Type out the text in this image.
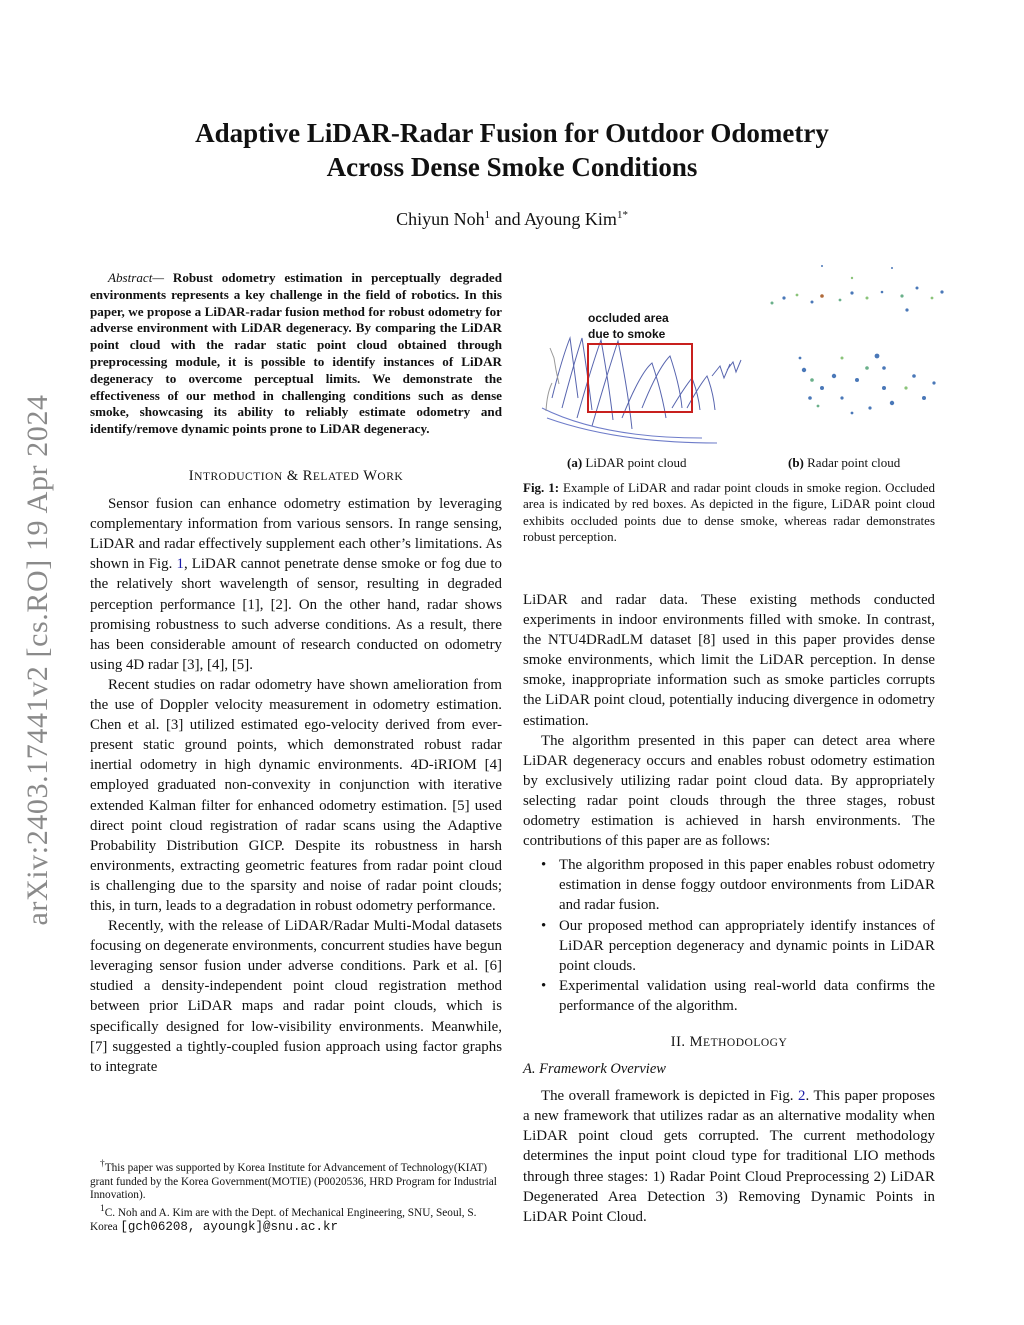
arXiv:2403.17441v2 [cs.RO] 19 Apr 2024
Adaptive LiDAR-Radar Fusion for Outdoor Odometry
Across Dense Smoke Conditions
Chiyun Noh$^1$ and Ayoung Kim$^{1*}$
Abstract— Robust odometry estimation in perceptually degraded environments represents a key challenge in the field of robotics. In this paper, we propose a LiDAR-radar fusion method for robust odometry for adverse environment with LiDAR degeneracy. By comparing the LiDAR point cloud with the radar static point cloud obtained through preprocessing module, it is possible to identify instances of LiDAR degeneracy to overcome perceptual limits. We demonstrate the effectiveness of our method in challenging conditions such as dense smoke, showcasing its ability to reliably estimate odometry and identify/remove dynamic points prone to LiDAR degeneracy.
INTRODUCTION & RELATED WORK

Sensor fusion can enhance odometry estimation by leveraging complementary information from various sensors. In range sensing, LiDAR and radar effectively supplement each other’s limitations. As shown in Fig. 1, LiDAR cannot penetrate dense smoke or fog due to the relatively short wavelength of sensor, resulting in degraded perception performance [1], [2]. On the other hand, radar shows promising robustness to such adverse conditions. As a result, there has been considerable amount of research conducted on odometry using 4D radar [3], [4], [5].

Recent studies on radar odometry have shown amelioration from the use of Doppler velocity measurement in odometry estimation. Chen et al. [3] utilized estimated ego-velocity derived from ever-present static ground points, which demonstrated robust radar inertial odometry in high dynamic environments. 4D-iRIOM [4] employed graduated non-convexity in conjunction with iterative extended Kalman filter for enhanced odometry estimation. [5] used direct point cloud registration of radar scans using the Adaptive Probability Distribution GICP. Despite its robustness in harsh environments, extracting geometric features from radar point cloud is challenging due to the sparsity and noise of radar point clouds; this, in turn, leads to a degradation in robust odometry performance.

Recently, with the release of LiDAR/Radar Multi-Modal datasets focusing on degenerate environments, concurrent studies have begun leveraging sensor fusion under adverse conditions. Park et al. [6] studied a density-independent point cloud registration method between prior LiDAR maps and radar point clouds, which is specifically designed for low-visibility environments. Meanwhile, [7] suggested a tightly-coupled fusion approach using factor graphs to integrate

†This paper was supported by Korea Institute for Advancement of Technology(KIAT) grant funded by the Korea Government(MOTIE) (P0020536, HRD Program for Industrial Innovation).
$^1$C. Noh and A. Kim are with the Dept. of Mechanical Engineering, SNU, Seoul, S. Korea [gch06208, ayoungk]@snu.ac.kr
occluded area
due to smoke
(a) LiDAR point cloud	(b) Radar point cloud
Fig. 1: Example of LiDAR and radar point clouds in smoke region. Occluded area is indicated by red boxes. As depicted in the figure, LiDAR point cloud exhibits occluded points due to dense smoke, whereas radar demonstrates robust perception.

LiDAR and radar data. These existing methods conducted experiments in indoor environments filled with smoke. In contrast, the NTU4DRadLM dataset [8] used in this paper provides dense smoke environments, which limit the LiDAR perception. In dense smoke, inappropriate information such as smoke particles corrupts the LiDAR point cloud, potentially inducing divergence in odometry estimation.

The algorithm presented in this paper can detect area where LiDAR degeneracy occurs and enables robust odometry estimation by exclusively utilizing radar point cloud data. By appropriately selecting radar point clouds through the three stages, robust odometry estimation is achieved in harsh environments. The contributions of this paper are as follows:

• The algorithm proposed in this paper enables robust odometry estimation in dense foggy outdoor environments from LiDAR and radar fusion.
• Our proposed method can appropriately identify instances of LiDAR perception degeneracy and dynamic points in LiDAR point clouds.
• Experimental validation using real-world data confirms the performance of the algorithm.
II. METHODOLOGY
A. Framework Overview

The overall framework is depicted in Fig. 2. This paper proposes a new framework that utilizes radar as an alternative modality when LiDAR point cloud gets corrupted. The current methodology determines the input point cloud type for traditional LIO methods through three stages: 1) Radar Point Cloud Preprocessing 2) LiDAR Degenerated Area Detection 3) Removing Dynamic Points in LiDAR Point Cloud.
